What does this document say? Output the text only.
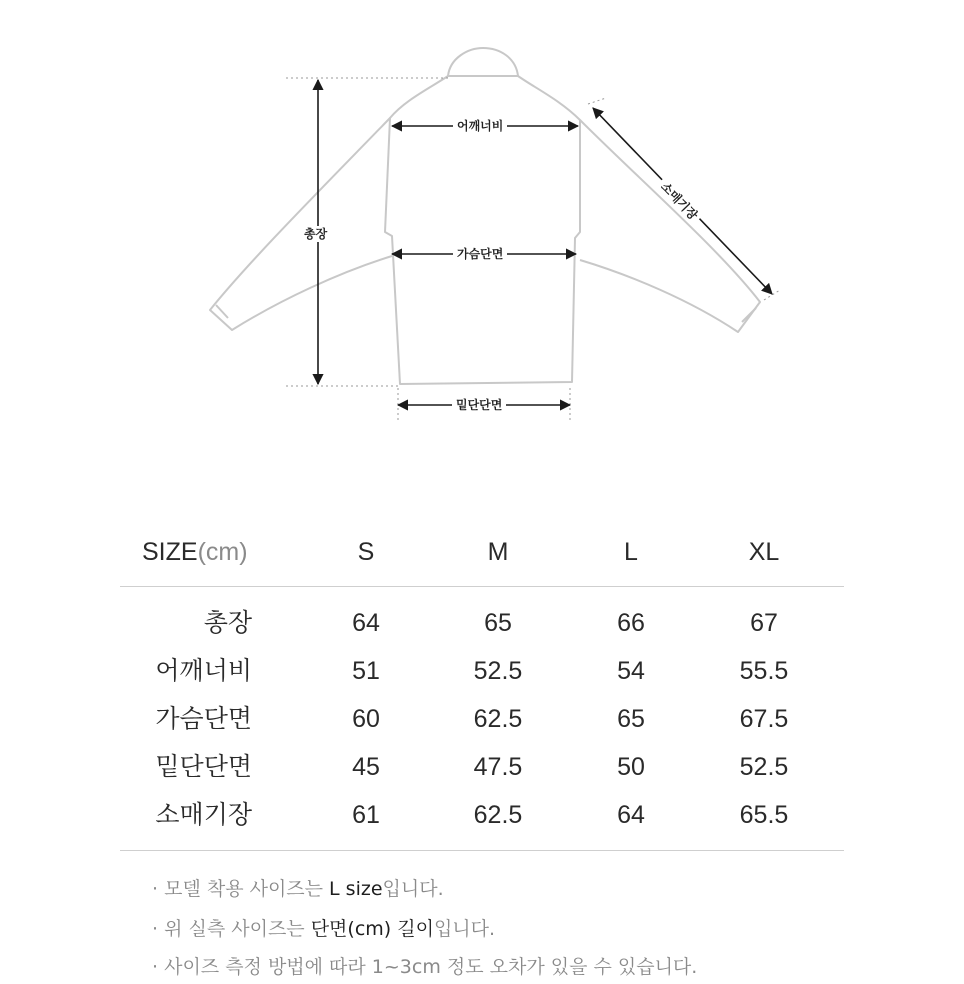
총장
어깨너비
가슴단면
밑단단면
소매기장
SIZE(cm)	S	M	L	XL
총장	64	65	66	67
어깨너비	51	52.5	54	55.5
가슴단면	60	62.5	65	67.5
밑단단면	45	47.5	50	52.5
소매기장	61	62.5	64	65.5
· 모델 착용 사이즈는 L size입니다.
· 위 실측 사이즈는 단면(cm) 길이입니다.
· 사이즈 측정 방법에 따라 1~3cm 정도 오차가 있을 수 있습니다.
